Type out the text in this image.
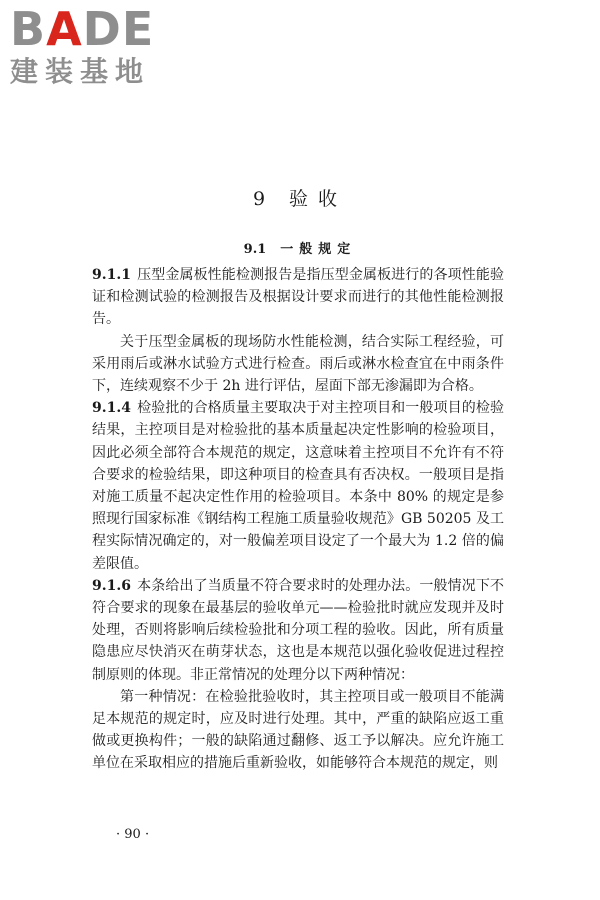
BADE
建装基地
9 验收
9.1 一般规定

9.1.1 压型金属板性能检测报告是指压型金属板进行的各项性能验证和检测试验的检测报告及根据设计要求而进行的其他性能检测报告。

关于压型金属板的现场防水性能检测，结合实际工程经验，可采用雨后或淋水试验方式进行检查。雨后或淋水检查宜在中雨条件下，连续观察不少于 2h 进行评估，屋面下部无渗漏即为合格。

9.1.4 检验批的合格质量主要取决于对主控项目和一般项目的检验结果，主控项目是对检验批的基本质量起决定性影响的检验项目，因此必须全部符合本规范的规定，这意味着主控项目不允许有不符合要求的检验结果，即这种项目的检查具有否决权。一般项目是指对施工质量不起决定性作用的检验项目。本条中 80% 的规定是参照现行国家标准《钢结构工程施工质量验收规范》GB 50205 及工程实际情况确定的，对一般偏差项目设定了一个最大为 1.2 倍的偏差限值。

9.1.6 本条给出了当质量不符合要求时的处理办法。一般情况下不符合要求的现象在最基层的验收单元——检验批时就应发现并及时处理，否则将影响后续检验批和分项工程的验收。因此，所有质量隐患应尽快消灭在萌芽状态，这也是本规范以强化验收促进过程控制原则的体现。非正常情况的处理分以下两种情况：

第一种情况：在检验批验收时，其主控项目或一般项目不能满足本规范的规定时，应及时进行处理。其中，严重的缺陷应返工重做或更换构件；一般的缺陷通过翻修、返工予以解决。应允许施工单位在采取相应的措施后重新验收，如能够符合本规范的规定，则

· 90 ·
